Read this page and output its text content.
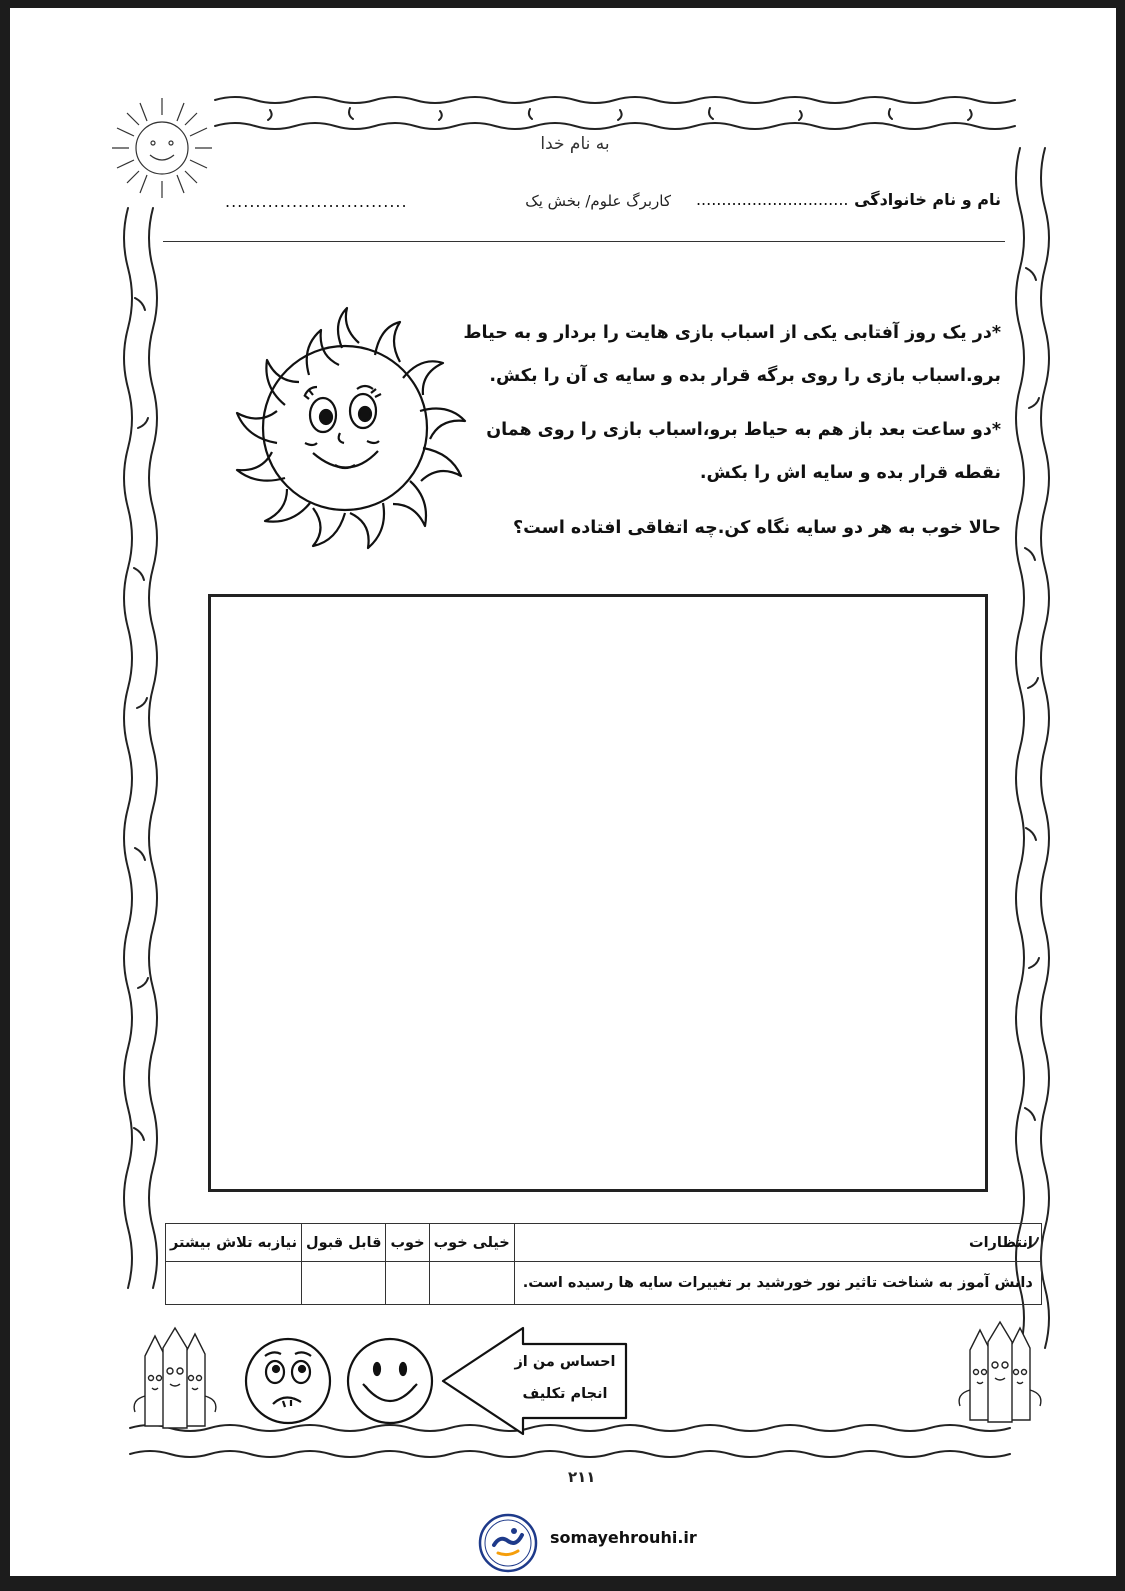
به نام خدا
نام و نام خانوادگی ..............................
کاربرگ علوم/ بخش یک
..............................
*در یک روز آفتابی یکی از اسباب بازی هایت را بردار و به حیاط
برو.اسباب بازی را روی برگه قرار بده و سایه ی آن را بکش.
*دو ساعت بعد باز هم به حیاط برو،اسباب بازی را روی همان
نقطه قرار بده و سایه اش را بکش.
حالا خوب به هر دو سایه نگاه کن.چه اتفاقی افتاده است؟
انتظارات	خیلی خوب	خوب	قابل قبول	نیازبه تلاش بیشتر
دانش آموز به شناخت تاثیر نور خورشید بر تغییرات سایه ها رسیده است.				
احساس من از
انجام تکلیف
۲۱۱
somayehrouhi.ir
